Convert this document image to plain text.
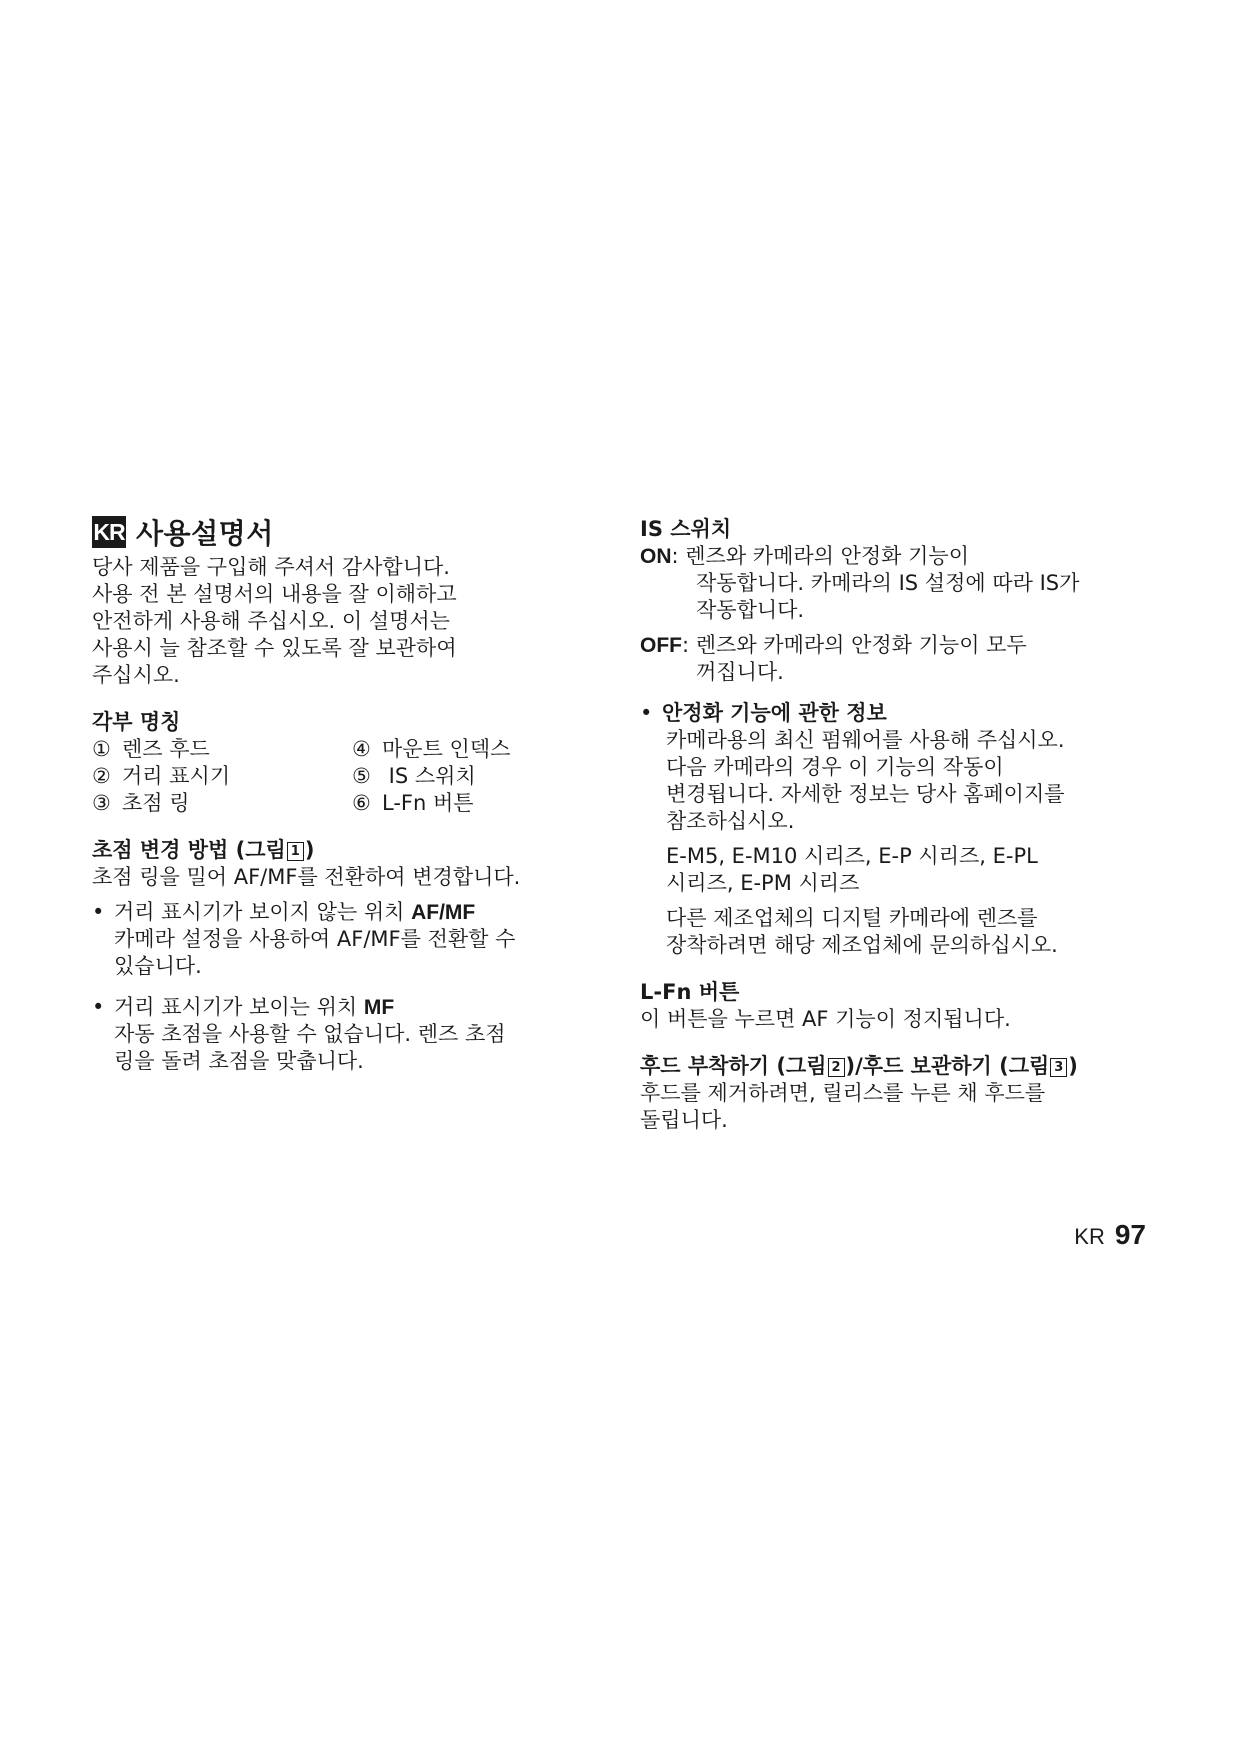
KR 사용설명서

당사 제품을 구입해 주셔서 감사합니다.

사용 전 본 설명서의 내용을 잘 이해하고

안전하게 사용해 주십시오. 이 설명서는

사용시 늘 참조할 수 있도록 잘 보관하여

주십시오.

각부 명칭

① 렌즈 후드	④ 마운트 인덱스
② 거리 표시기	⑤ IS 스위치
③ 초점 링	⑥ L-Fn 버튼

초점 변경 방법 (그림 1 )

초점 링을 밀어 AF/MF를 전환하여 변경합니다.

• 거리 표시기가 보이지 않는 위치 AF/MF

카메라 설정을 사용하여 AF/MF를 전환할 수

있습니다.

• 거리 표시기가 보이는 위치 MF

자동 초점을 사용할 수 없습니다. 렌즈 초점

링을 돌려 초점을 맞춥니다.

IS 스위치

ON: 렌즈와 카메라의 안정화 기능이

작동합니다. 카메라의 IS 설정에 따라 IS가

작동합니다.

OFF: 렌즈와 카메라의 안정화 기능이 모두

꺼집니다.

• 안정화 기능에 관한 정보

카메라용의 최신 펌웨어를 사용해 주십시오.

다음 카메라의 경우 이 기능의 작동이

변경됩니다. 자세한 정보는 당사 홈페이지를

참조하십시오.

E-M5, E-M10 시리즈, E-P 시리즈, E-PL

시리즈, E-PM 시리즈

다른 제조업체의 디지털 카메라에 렌즈를

장착하려면 해당 제조업체에 문의하십시오.

L-Fn 버튼

이 버튼을 누르면 AF 기능이 정지됩니다.

후드 부착하기 (그림 2 )/후드 보관하기 (그림 3 )

후드를 제거하려면, 릴리스를 누른 채 후드를

돌립니다.

KR 97
